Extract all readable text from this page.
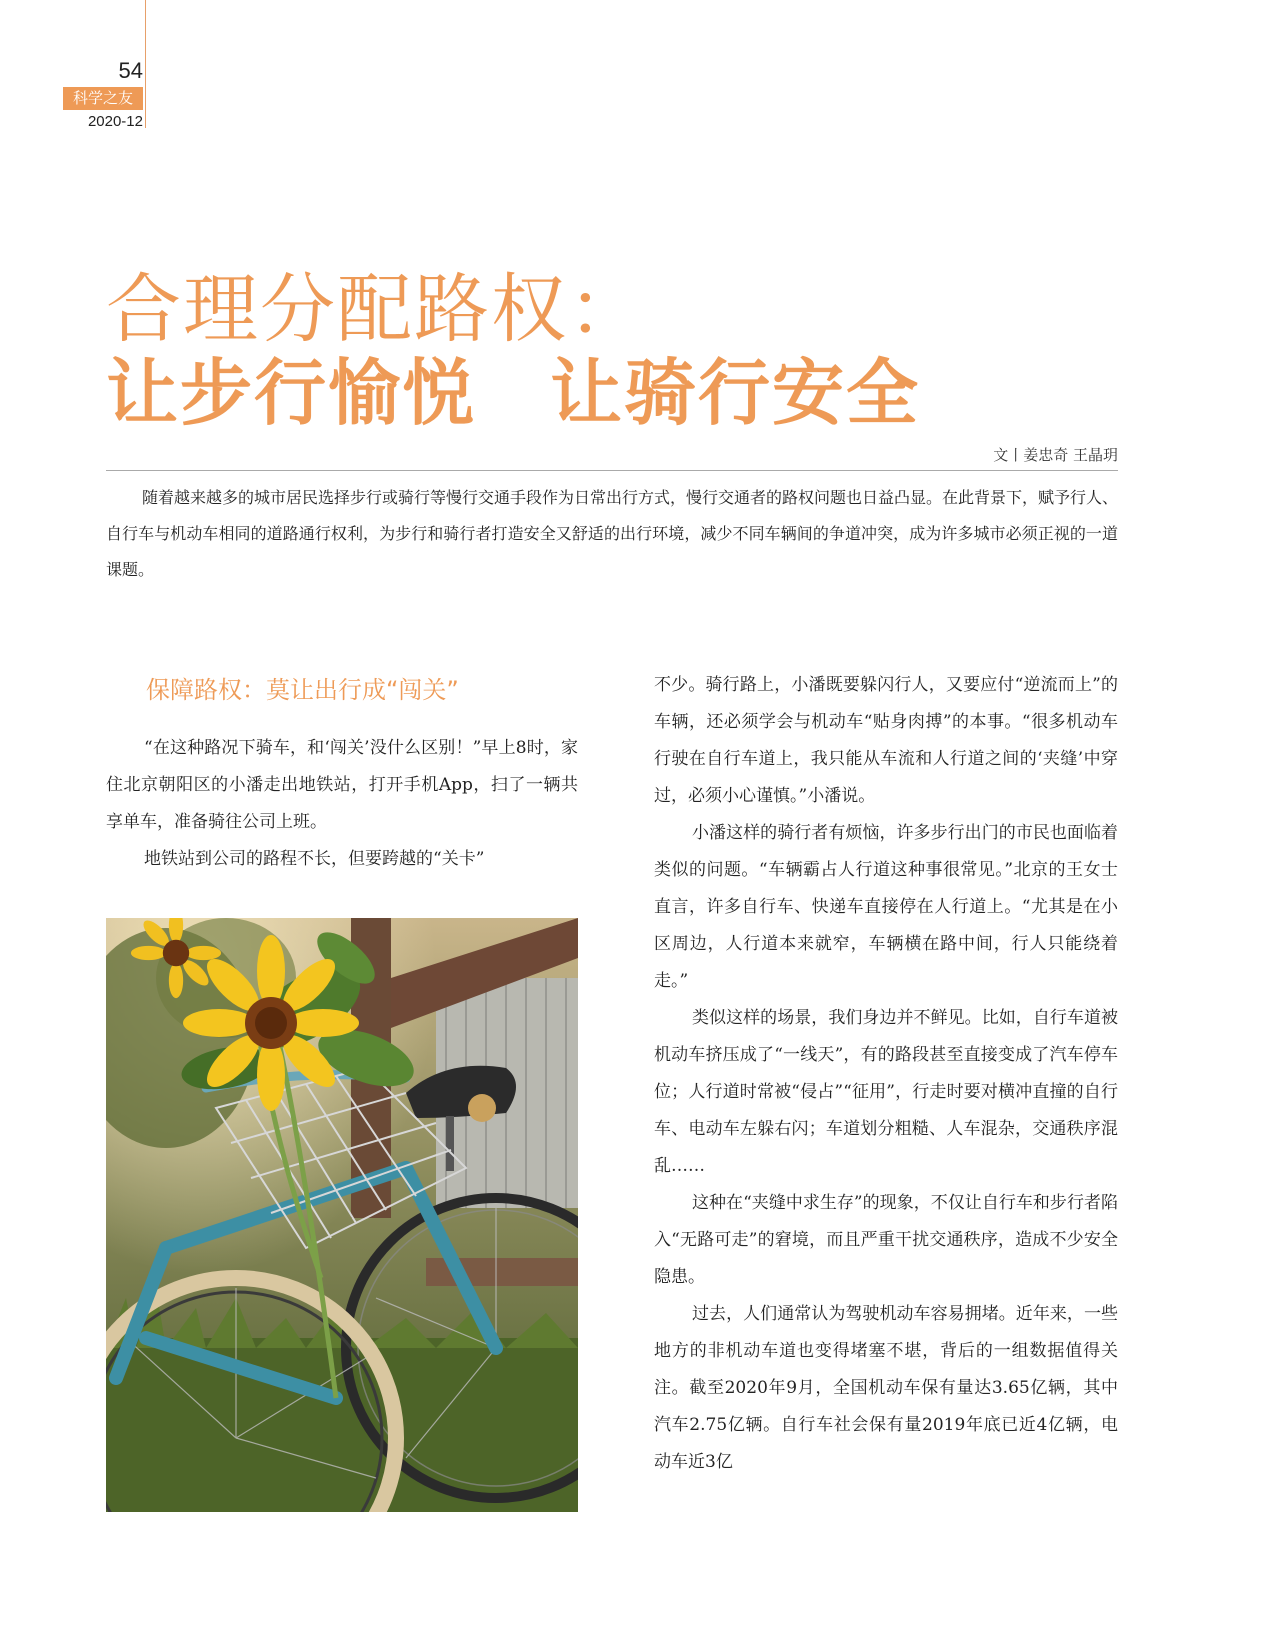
54
科学之友
2020-12
合理分配路权：
让步行愉悦　让骑行安全
文丨姜忠奇 王晶玥

随着越来越多的城市居民选择步行或骑行等慢行交通手段作为日常出行方式，慢行交通者的路权问题也日益凸显。在此背景下，赋予行人、自行车与机动车相同的道路通行权利，为步行和骑行者打造安全又舒适的出行环境，减少不同车辆间的争道冲突，成为许多城市必须正视的一道课题。

保障路权：莫让出行成“闯关”

“在这种路况下骑车，和‘闯关’没什么区别！”早上8时，家住北京朝阳区的小潘走出地铁站，打开手机App，扫了一辆共享单车，准备骑往公司上班。

地铁站到公司的路程不长，但要跨越的“关卡”

不少。骑行路上，小潘既要躲闪行人，又要应付“逆流而上”的车辆，还必须学会与机动车“贴身肉搏”的本事。“很多机动车行驶在自行车道上，我只能从车流和人行道之间的‘夹缝’中穿过，必须小心谨慎。”小潘说。

小潘这样的骑行者有烦恼，许多步行出门的市民也面临着类似的问题。“车辆霸占人行道这种事很常见。”北京的王女士直言，许多自行车、快递车直接停在人行道上。“尤其是在小区周边，人行道本来就窄，车辆横在路中间，行人只能绕着走。”

类似这样的场景，我们身边并不鲜见。比如，自行车道被机动车挤压成了“一线天”，有的路段甚至直接变成了汽车停车位；人行道时常被“侵占”“征用”，行走时要对横冲直撞的自行车、电动车左躲右闪；车道划分粗糙、人车混杂，交通秩序混乱……

这种在“夹缝中求生存”的现象，不仅让自行车和步行者陷入“无路可走”的窘境，而且严重干扰交通秩序，造成不少安全隐患。

过去，人们通常认为驾驶机动车容易拥堵。近年来，一些地方的非机动车道也变得堵塞不堪，背后的一组数据值得关注。截至2020年9月，全国机动车保有量达3.65亿辆，其中汽车2.75亿辆。自行车社会保有量2019年底已近4亿辆，电动车近3亿
